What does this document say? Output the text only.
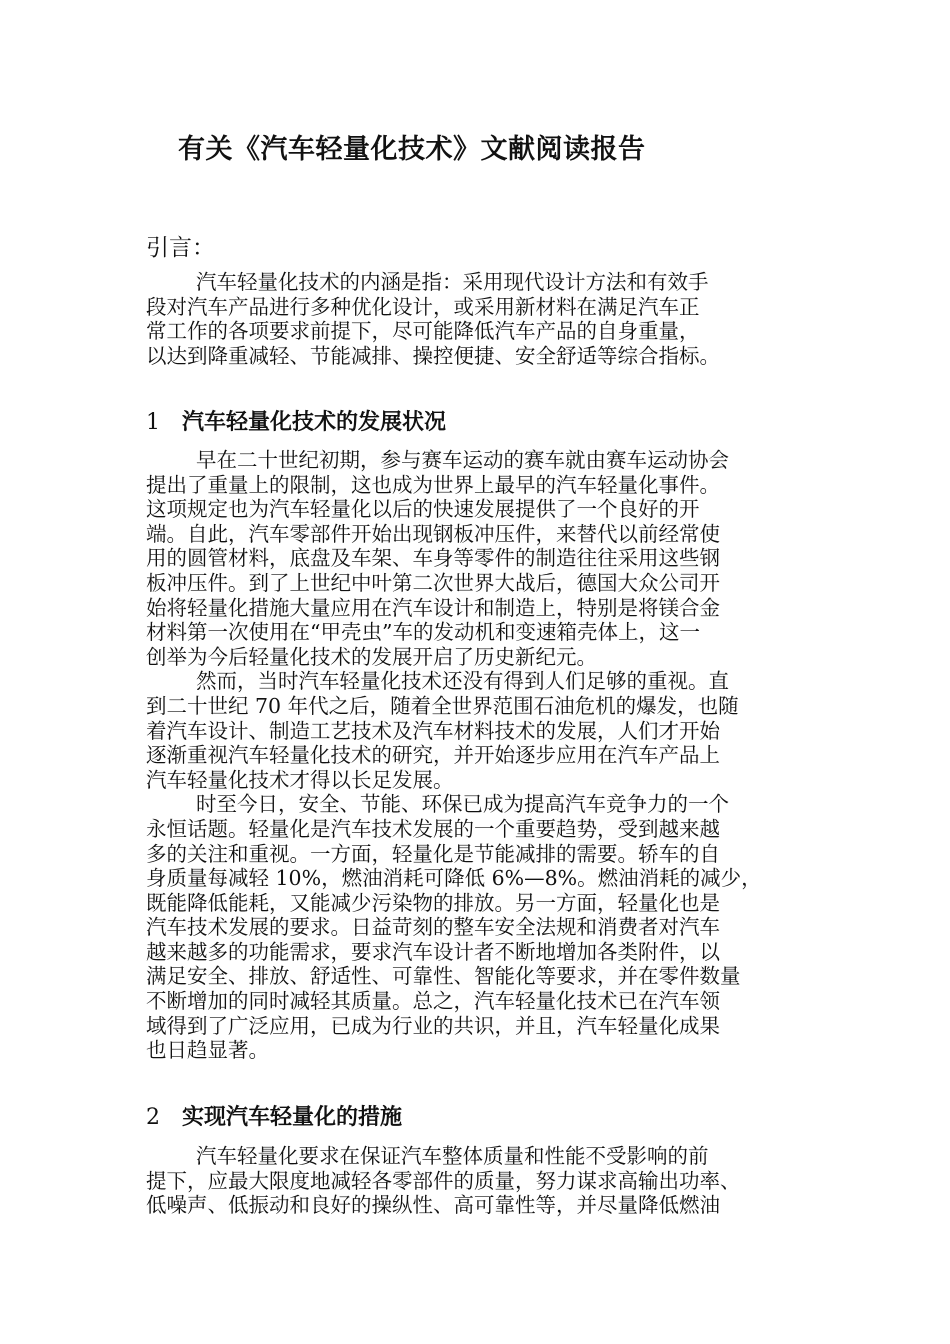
有关《汽车轻量化技术》文献阅读报告
引言：
汽车轻量化技术的内涵是指：采用现代设计方法和有效手
段对汽车产品进行多种优化设计，或采用新材料在满足汽车正
常工作的各项要求前提下，尽可能降低汽车产品的自身重量，
以达到降重减轻、节能减排、操控便捷、安全舒适等综合指标。
1 汽车轻量化技术的发展状况
早在二十世纪初期，参与赛车运动的赛车就由赛车运动协会
提出了重量上的限制，这也成为世界上最早的汽车轻量化事件。
这项规定也为汽车轻量化以后的快速发展提供了一个良好的开
端。自此，汽车零部件开始出现钢板冲压件，来替代以前经常使
用的圆管材料，底盘及车架、车身等零件的制造往往采用这些钢
板冲压件。到了上世纪中叶第二次世界大战后，德国大众公司开
始将轻量化措施大量应用在汽车设计和制造上，特别是将镁合金
材料第一次使用在“甲壳虫”车的发动机和变速箱壳体上，这一
创举为今后轻量化技术的发展开启了历史新纪元。
然而，当时汽车轻量化技术还没有得到人们足够的重视。直
到二十世纪 70 年代之后，随着全世界范围石油危机的爆发，也随
着汽车设计、制造工艺技术及汽车材料技术的发展，人们才开始
逐渐重视汽车轻量化技术的研究，并开始逐步应用在汽车产品上
汽车轻量化技术才得以长足发展。
时至今日，安全、节能、环保已成为提高汽车竞争力的一个
永恒话题。轻量化是汽车技术发展的一个重要趋势，受到越来越
多的关注和重视。一方面，轻量化是节能减排的需要。轿车的自
身质量每减轻 10%，燃油消耗可降低 6%—8%。燃油消耗的减少，
既能降低能耗，又能减少污染物的排放。另一方面，轻量化也是
汽车技术发展的要求。日益苛刻的整车安全法规和消费者对汽车
越来越多的功能需求，要求汽车设计者不断地增加各类附件，以
满足安全、排放、舒适性、可靠性、智能化等要求，并在零件数量
不断增加的同时减轻其质量。总之，汽车轻量化技术已在汽车领
域得到了广泛应用，已成为行业的共识，并且，汽车轻量化成果
也日趋显著。
2 实现汽车轻量化的措施
汽车轻量化要求在保证汽车整体质量和性能不受影响的前
提下，应最大限度地减轻各零部件的质量，努力谋求高输出功率、
低噪声、低振动和良好的操纵性、高可靠性等，并尽量降低燃油
